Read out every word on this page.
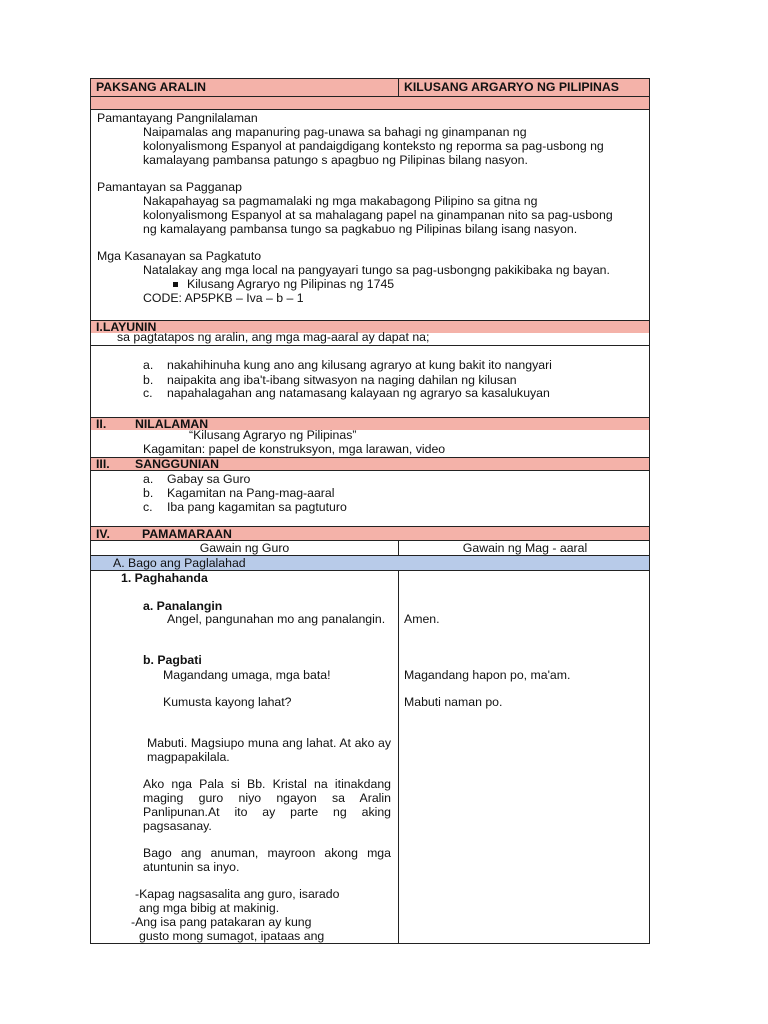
PAKSANG ARALIN	KILUSANG ARGARYO NG PILIPINAS
Pamantayang Pangnilalaman
Naipamalas ang mapanuring pag-unawa sa bahagi ng ginampanan ng
kolonyalismong Espanyol at pandaigdigang konteksto ng reporma sa pag-usbong ng
kamalayang pambansa patungo s apagbuo ng Pilipinas bilang nasyon.
Pamantayan sa Pagganap
Nakapahayag sa pagmamalaki ng mga makabagong Pilipino sa gitna ng
kolonyalismong Espanyol at sa mahalagang papel na ginampanan nito sa pag-usbong
ng kamalayang pambansa tungo sa pagkabuo ng Pilipinas bilang isang nasyon.
Mga Kasanayan sa Pagkatuto
Natalakay ang mga local na pangyayari tungo sa pag-usbongng pakikibaka ng bayan.
Kilusang Agraryo ng Pilipinas ng 1745
CODE: AP5PKB – Iva – b – 1
I.LAYUNIN
sa pagtatapos ng aralin, ang mga mag-aaral ay dapat na;
a. nakahihinuha kung ano ang kilusang agraryo at kung bakit ito nangyari
b. naipakita ang iba't-ibang sitwasyon na naging dahilan ng kilusan
c. napahalagahan ang natamasang kalayaan ng agraryo sa kasalukuyan
II. NILALAMAN
“Kilusang Agraryo ng Pilipinas”
Kagamitan: papel de konstruksyon, mga larawan, video
III. SANGGUNIAN
a. Gabay sa Guro
b. Kagamitan na Pang-mag-aaral
c. Iba pang kagamitan sa pagtuturo
IV.	PAMAMARAAN
Gawain ng Guro	Gawain ng Mag - aaral
A. Bago ang Paglalahad
1. Paghahanda
a. Panalangin
Angel, pangunahan mo ang panalangin.	Amen.
b. Pagbati
Magandang umaga, mga bata!	Magandang hapon po, ma'am.
Kumusta kayong lahat?	Mabuti naman po.
Mabuti. Magsiupo muna ang lahat. At ako ay magpapakilala.
Ako nga Pala si Bb. Kristal na itinakdang maging guro niyo ngayon sa Aralin Panlipunan.At ito ay parte ng aking pagsasanay.
Bago ang anuman, mayroon akong mga atuntunin sa inyo.
-Kapag nagsasalita ang guro, isarado
ang mga bibig at makinig.
-Ang isa pang patakaran ay kung
gusto mong sumagot, ipataas ang
